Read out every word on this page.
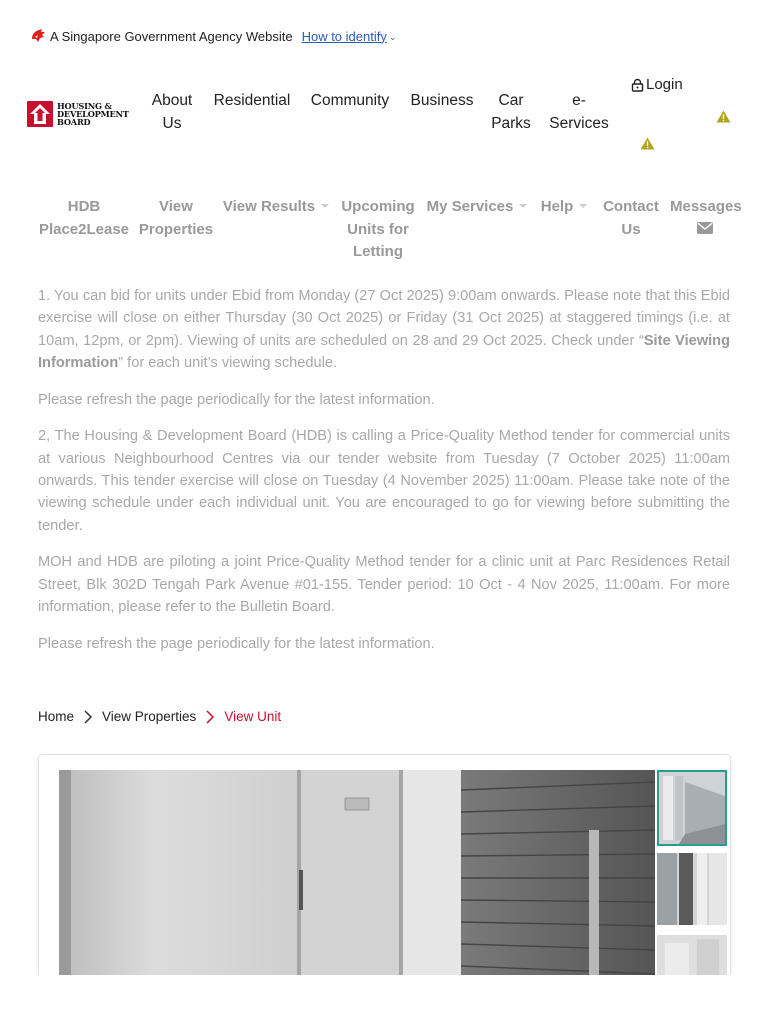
A Singapore Government Agency Website How to identify ⌄
HOUSING &
DEVELOPMENT
BOARD
About
Us
Residential Community Business	Car
Parks
e-
Services
Login
HDB
Place2Lease
View
Properties
View Results	Upcoming
Units for
Letting
My Services	Help	Contact
Us
Messages

1. You can bid for units under Ebid from Monday (27 Oct 2025) 9:00am onwards. Please note that this Ebid exercise will close on either Thursday (30 Oct 2025) or Friday (31 Oct 2025) at staggered timings (i.e. at 10am, 12pm, or 2pm). Viewing of units are scheduled on 28 and 29 Oct 2025. Check under “Site Viewing Information” for each unit’s viewing schedule.

Please refresh the page periodically for the latest information.

2, The Housing & Development Board (HDB) is calling a Price-Quality Method tender for commercial units at various Neighbourhood Centres via our tender website from Tuesday (7 October 2025) 11:00am onwards. This tender exercise will close on Tuesday (4 November 2025) 11:00am. Please take note of the viewing schedule under each individual unit. You are encouraged to go for viewing before submitting the tender.

MOH and HDB are piloting a joint Price-Quality Method tender for a clinic unit at Parc Residences Retail Street, Blk 302D Tengah Park Avenue #01-155. Tender period: 10 Oct - 4 Nov 2025, 11:00am. For more information, please refer to the Bulletin Board.

Please refresh the page periodically for the latest information.

Home View Properties View Unit
